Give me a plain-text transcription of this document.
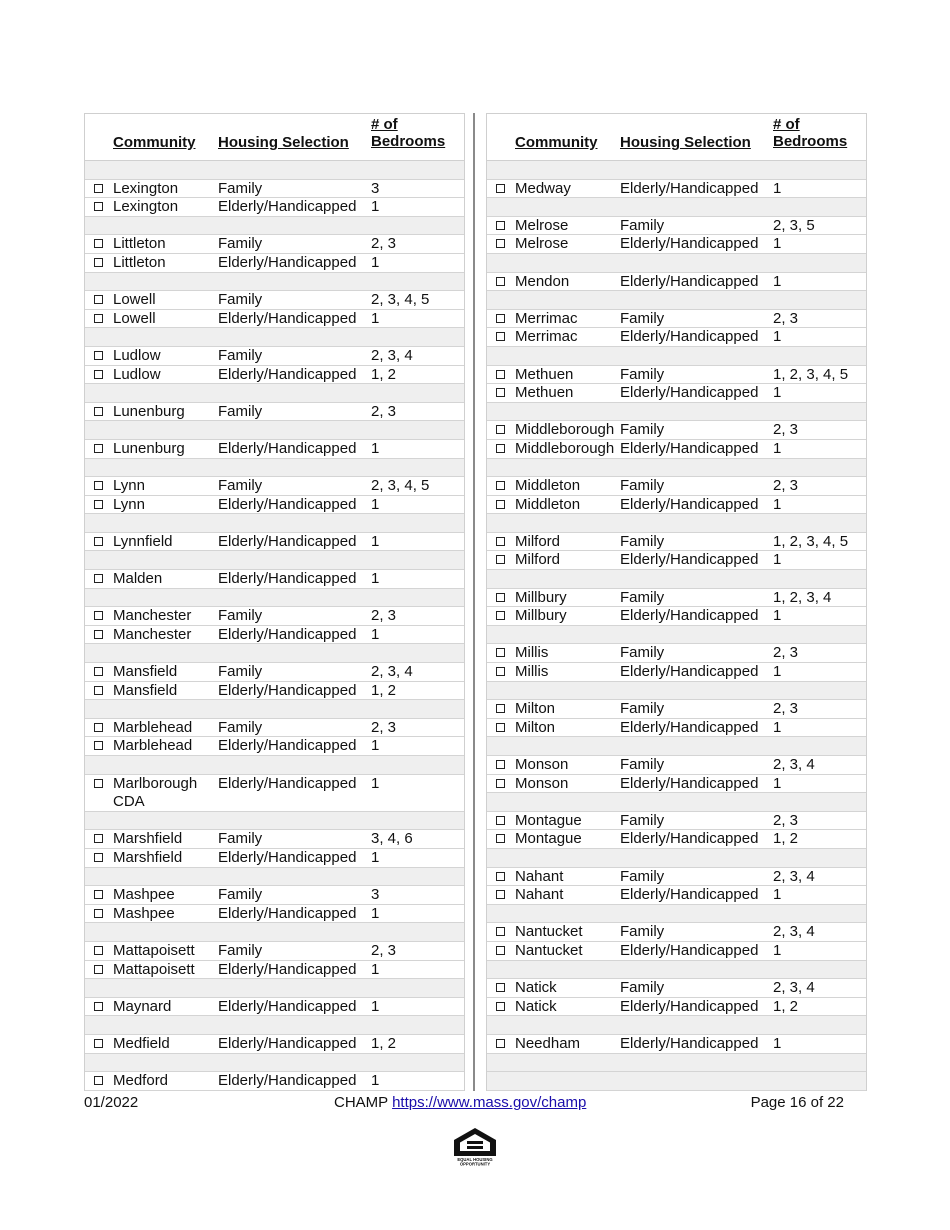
Community Housing Selection
# of Bedrooms
Lexington	Family	3
Lexington	Elderly/Handicapped 1
Littleton	Family	2, 3
Littleton	Elderly/Handicapped 1
Lowell	Family	2, 3, 4, 5
Lowell	Elderly/Handicapped 1
Ludlow	Family	2, 3, 4
Ludlow	Elderly/Handicapped 1, 2
Lunenburg	Family	2, 3
Lunenburg	Elderly/Handicapped 1
Lynn	Family	2, 3, 4, 5
Lynn	Elderly/Handicapped 1
Lynnfield	Elderly/Handicapped 1
Malden	Elderly/Handicapped 1
Manchester	Family	2, 3
Manchester	Elderly/Handicapped 1
Mansfield	Family	2, 3, 4
Mansfield	Elderly/Handicapped 1, 2
Marblehead	Family	2, 3
Marblehead	Elderly/Handicapped 1
Marlborough CDA
Elderly/Handicapped 1
Marshfield	Family	3, 4, 6
Marshfield	Elderly/Handicapped 1
Mashpee	Family	3
Mashpee	Elderly/Handicapped 1
Mattapoisett	Family	2, 3
Mattapoisett	Elderly/Handicapped 1
Maynard	Elderly/Handicapped 1
Medfield	Elderly/Handicapped 1, 2
Medford	Elderly/Handicapped 1
Community Housing Selection
# of Bedrooms
Medway	Elderly/Handicapped 1
Melrose	Family	2, 3, 5
Melrose	Elderly/Handicapped 1
Mendon	Elderly/Handicapped 1
Merrimac	Family	2, 3
Merrimac	Elderly/Handicapped 1
Methuen	Family	1, 2, 3, 4, 5
Methuen	Elderly/Handicapped 1
Middleborough Family	2, 3
Middleborough Elderly/Handicapped 1
Middleton	Family	2, 3
Middleton	Elderly/Handicapped 1
Milford	Family	1, 2, 3, 4, 5
Milford	Elderly/Handicapped 1
Millbury	Family	1, 2, 3, 4
Millbury	Elderly/Handicapped 1
Millis	Family	2, 3
Millis	Elderly/Handicapped 1
Milton	Family	2, 3
Milton	Elderly/Handicapped 1
Monson	Family	2, 3, 4
Monson	Elderly/Handicapped 1
Montague	Family	2, 3
Montague	Elderly/Handicapped 1, 2
Nahant	Family	2, 3, 4
Nahant	Elderly/Handicapped 1
Nantucket	Family	2, 3, 4
Nantucket	Elderly/Handicapped 1
Natick	Family	2, 3, 4
Natick	Elderly/Handicapped 1, 2
Needham	Elderly/Handicapped 1
01/2022	CHAMP https://www.mass.gov/champ	Page 16 of 22
EQUAL HOUSING
OPPORTUNITY
